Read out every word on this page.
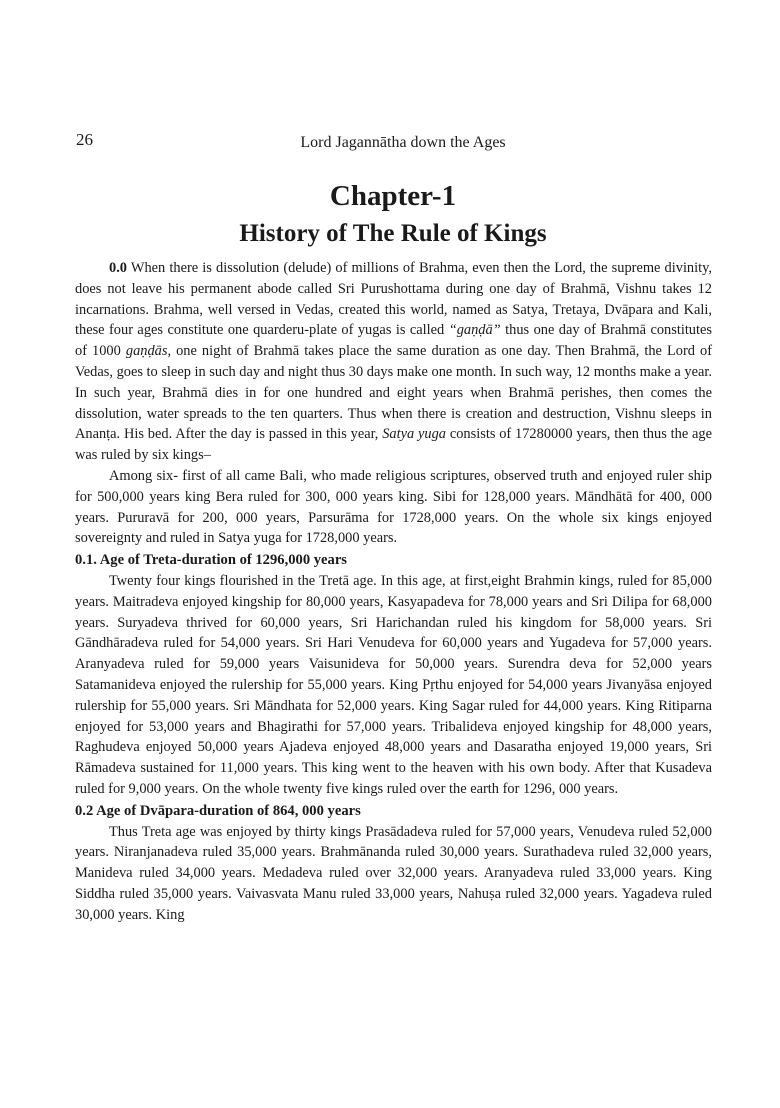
26	Lord Jagannātha down the Ages
Chapter-1
History of The Rule of Kings

0.0 When there is dissolution (delude) of millions of Brahma, even then the Lord, the supreme divinity, does not leave his permanent abode called Sri Purushottama during one day of Brahmā, Vishnu takes 12 incarnations. Brahma, well versed in Vedas, created this world, named as Satya, Tretaya, Dvāpara and Kali, these four ages constitute one quarderu-plate of yugas is called “gaṇḍā” thus one day of Brahmā constitutes of 1000 gaṇḍās, one night of Brahmā takes place the same duration as one day. Then Brahmā, the Lord of Vedas, goes to sleep in such day and night thus 30 days make one month. In such way, 12 months make a year. In such year, Brahmā dies in for one hundred and eight years when Brahmā perishes, then comes the dissolution, water spreads to the ten quarters. Thus when there is creation and destruction, Vishnu sleeps in Ananṭa. His bed. After the day is passed in this year, Satya yuga consists of 17280000 years, then thus the age was ruled by six kings–

Among six- first of all came Bali, who made religious scriptures, observed truth and enjoyed ruler ship for 500,000 years king Bera ruled for 300, 000 years king. Sibi for 128,000 years. Māndhātā for 400, 000 years. Pururavā for 200, 000 years, Parsurāma for 1728,000 years. On the whole six kings enjoyed sovereignty and ruled in Satya yuga for 1728,000 years.

0.1. Age of Treta-duration of 1296,000 years

Twenty four kings flourished in the Tretā age. In this age, at first,eight Brahmin kings, ruled for 85,000 years. Maitradeva enjoyed kingship for 80,000 years, Kasyapadeva for 78,000 years and Sri Dilipa for 68,000 years. Suryadeva thrived for 60,000 years, Sri Harichandan ruled his kingdom for 58,000 years. Sri Gāndhāradeva ruled for 54,000 years. Sri Hari Venudeva for 60,000 years and Yugadeva for 57,000 years. Aranyadeva ruled for 59,000 years Vaisunideva for 50,000 years. Surendra deva for 52,000 years Satamanideva enjoyed the rulership for 55,000 years. King Pṛthu enjoyed for 54,000 years Jivanyāsa enjoyed rulership for 55,000 years. Sri Māndhata for 52,000 years. King Sagar ruled for 44,000 years. King Ritiparna enjoyed for 53,000 years and Bhagirathi for 57,000 years. Tribalideva enjoyed kingship for 48,000 years, Raghudeva enjoyed 50,000 years Ajadeva enjoyed 48,000 years and Dasaratha enjoyed 19,000 years, Sri Rāmadeva sustained for 11,000 years. This king went to the heaven with his own body. After that Kusadeva ruled for 9,000 years. On the whole twenty five kings ruled over the earth for 1296, 000 years.

0.2 Age of Dvāpara-duration of 864, 000 years

Thus Treta age was enjoyed by thirty kings Prasādadeva ruled for 57,000 years, Venudeva ruled 52,000 years. Niranjanadeva ruled 35,000 years. Brahmānanda ruled 30,000 years. Surathadeva ruled 32,000 years, Manideva ruled 34,000 years. Medadeva ruled over 32,000 years. Aranyadeva ruled 33,000 years. King Siddha ruled 35,000 years. Vaivasvata Manu ruled 33,000 years, Nahuṣa ruled 32,000 years. Yagadeva ruled 30,000 years. King
